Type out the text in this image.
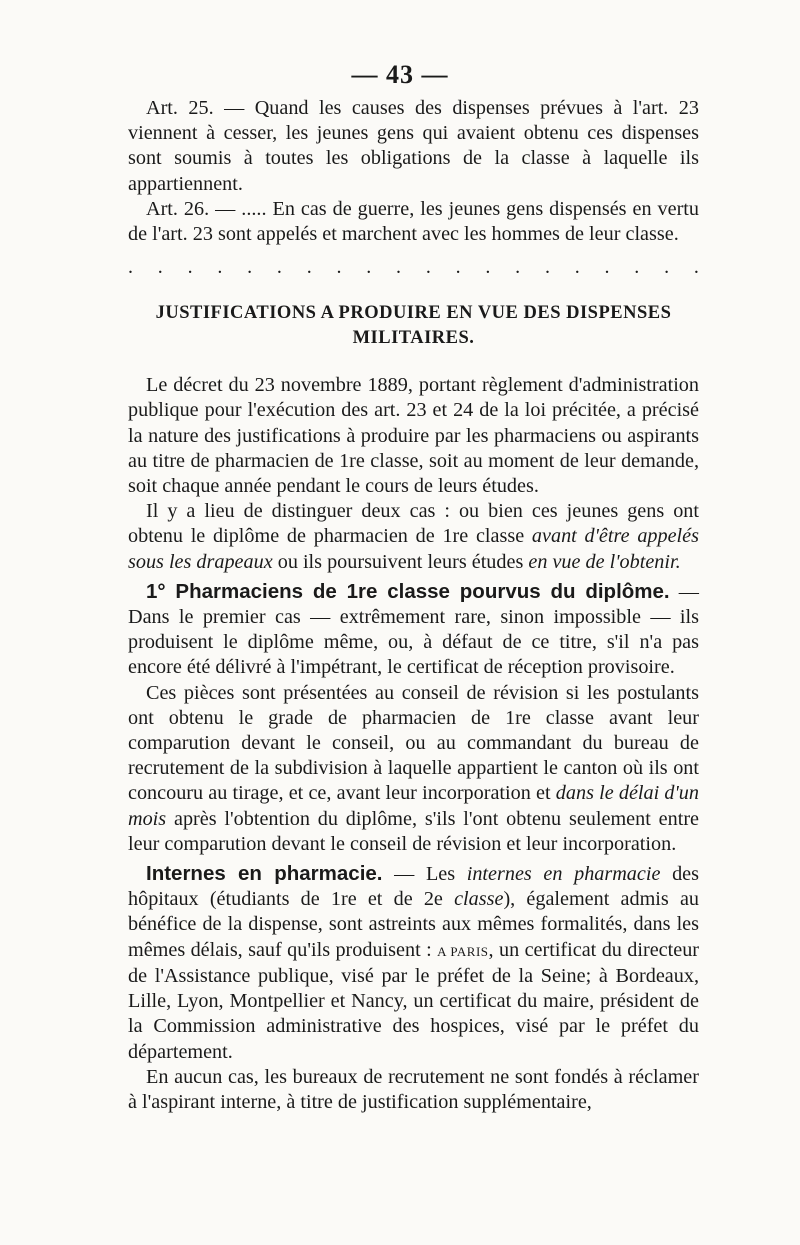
— 43 —

Art. 25. — Quand les causes des dispenses prévues à l'art. 23 viennent à cesser, les jeunes gens qui avaient obtenu ces dispenses sont soumis à toutes les obligations de la classe à laquelle ils appartiennent.

Art. 26. — ..... En cas de guerre, les jeunes gens dispensés en vertu de l'art. 23 sont appelés et marchent avec les hommes de leur classe.

. . . . . . . . . . . . . . . . . . . .
JUSTIFICATIONS A PRODUIRE EN VUE DES DISPENSES
MILITAIRES.

Le décret du 23 novembre 1889, portant règlement d'administration publique pour l'exécution des art. 23 et 24 de la loi précitée, a précisé la nature des justifications à produire par les pharmaciens ou aspirants au titre de pharmacien de 1re classe, soit au moment de leur demande, soit chaque année pendant le cours de leurs études.

Il y a lieu de distinguer deux cas : ou bien ces jeunes gens ont obtenu le diplôme de pharmacien de 1re classe avant d'être appelés sous les drapeaux ou ils poursuivent leurs études en vue de l'obtenir.

1° Pharmaciens de 1re classe pourvus du diplôme. — Dans le premier cas — extrêmement rare, sinon impossible — ils produisent le diplôme même, ou, à défaut de ce titre, s'il n'a pas encore été délivré à l'impétrant, le certificat de réception provisoire.

Ces pièces sont présentées au conseil de révision si les postulants ont obtenu le grade de pharmacien de 1re classe avant leur comparution devant le conseil, ou au commandant du bureau de recrutement de la subdivision à laquelle appartient le canton où ils ont concouru au tirage, et ce, avant leur incorporation et dans le délai d'un mois après l'obtention du diplôme, s'ils l'ont obtenu seulement entre leur comparution devant le conseil de révision et leur incorporation.

Internes en pharmacie. — Les internes en pharmacie des hôpitaux (étudiants de 1re et de 2e classe), également admis au bénéfice de la dispense, sont astreints aux mêmes formalités, dans les mêmes délais, sauf qu'ils produisent : A PARIS, un certificat du directeur de l'Assistance publique, visé par le préfet de la Seine; à Bordeaux, Lille, Lyon, Montpellier et Nancy, un certificat du maire, président de la Commission administrative des hospices, visé par le préfet du département.

En aucun cas, les bureaux de recrutement ne sont fondés à réclamer à l'aspirant interne, à titre de justification supplémentaire,
